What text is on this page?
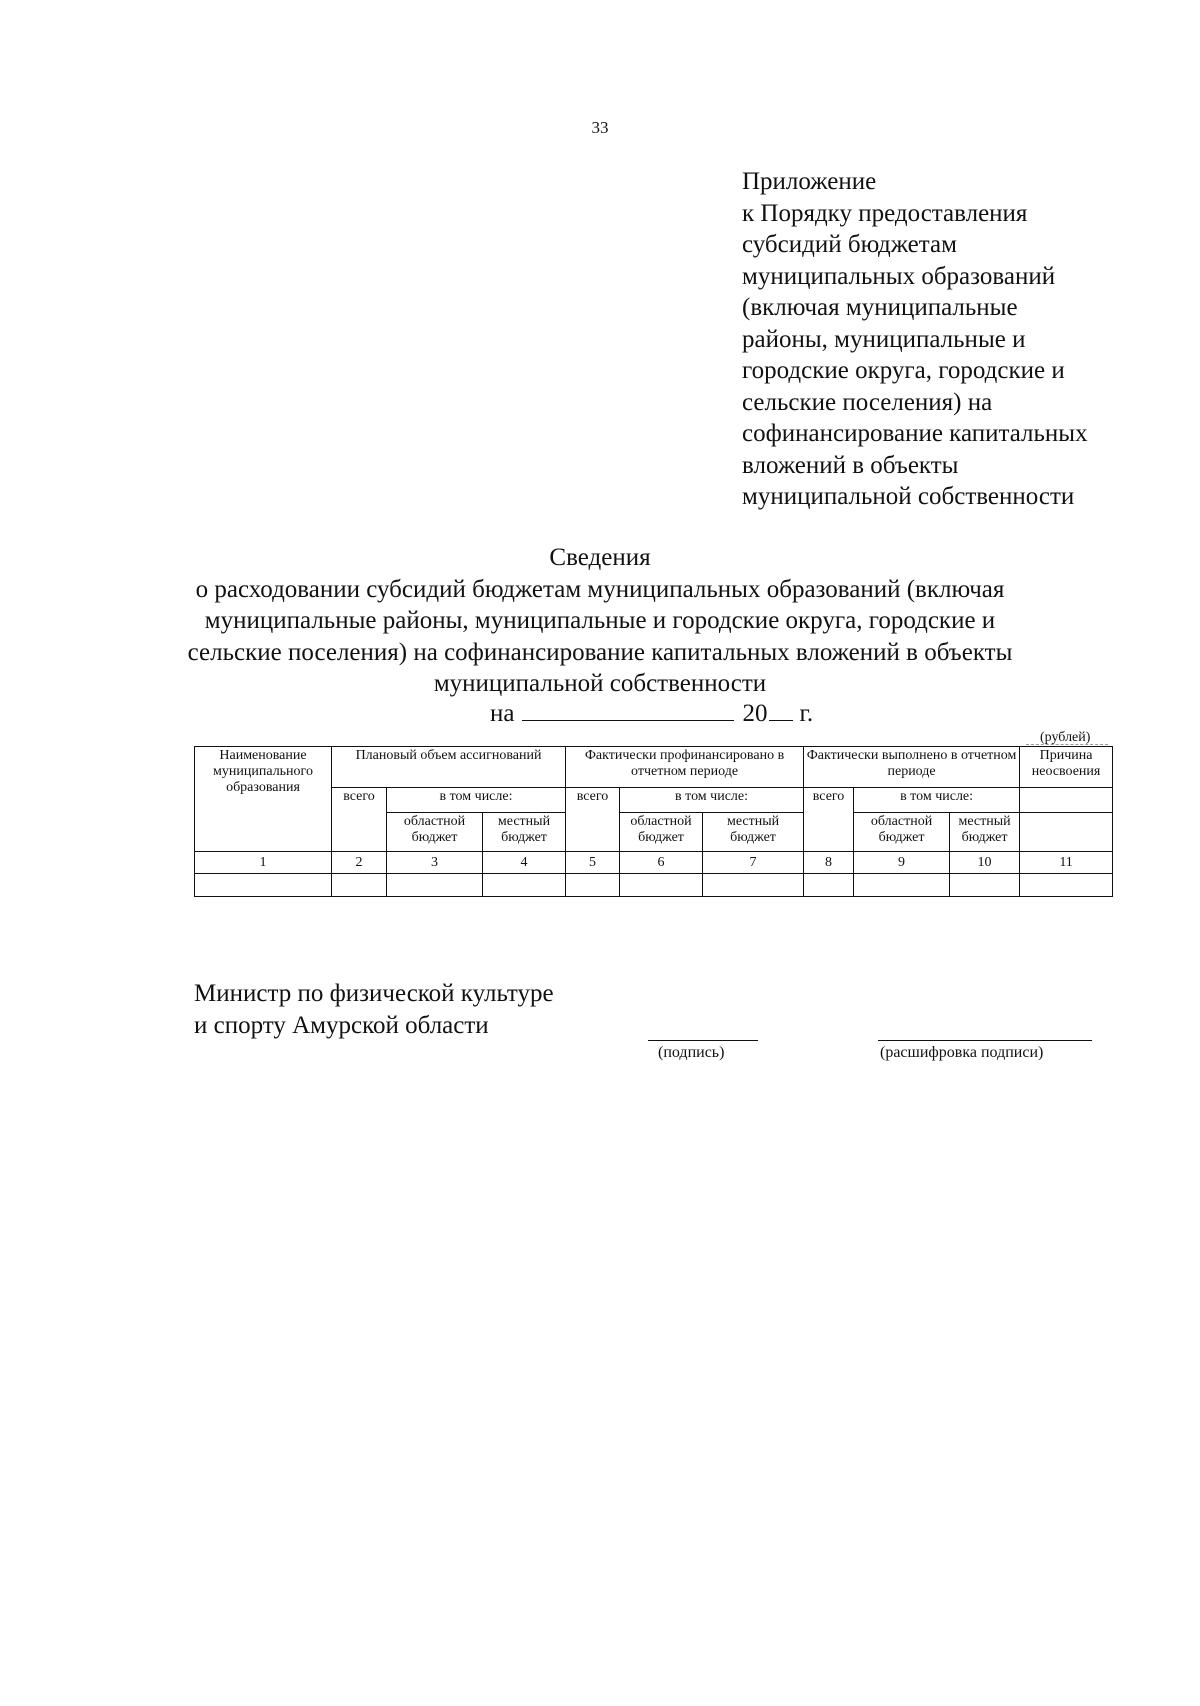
33
Приложение
к Порядку предоставления
субсидий бюджетам
муниципальных образований
(включая муниципальные
районы, муниципальные и
городские округа, городские и
сельские поселения) на
софинансирование капитальных
вложений в объекты
муниципальной собственности
Сведения
о расходовании субсидий бюджетам муниципальных образований (включая
муниципальные районы, муниципальные и городские округа, городские и
сельские поселения) на софинансирование капитальных вложений в объекты
муниципальной собственности
на	20 г.
(рублей)
Наименование муниципального образования	Плановый объем ассигнований			Фактически профинансировано в отчетном периоде			Фактически выполнено в отчетном периоде			Причина неосвоения
	всего	в том числе:		всего	в том числе:		всего	в том числе:		
		областной бюджет	местный бюджет		областной бюджет	местный бюджет		областной бюджет	местный бюджет	
1	2	3	4	5	6	7	8	9	10	11

Министр по физической культуре
и спорту Амурской области
(подпись)	(расшифровка подписи)
